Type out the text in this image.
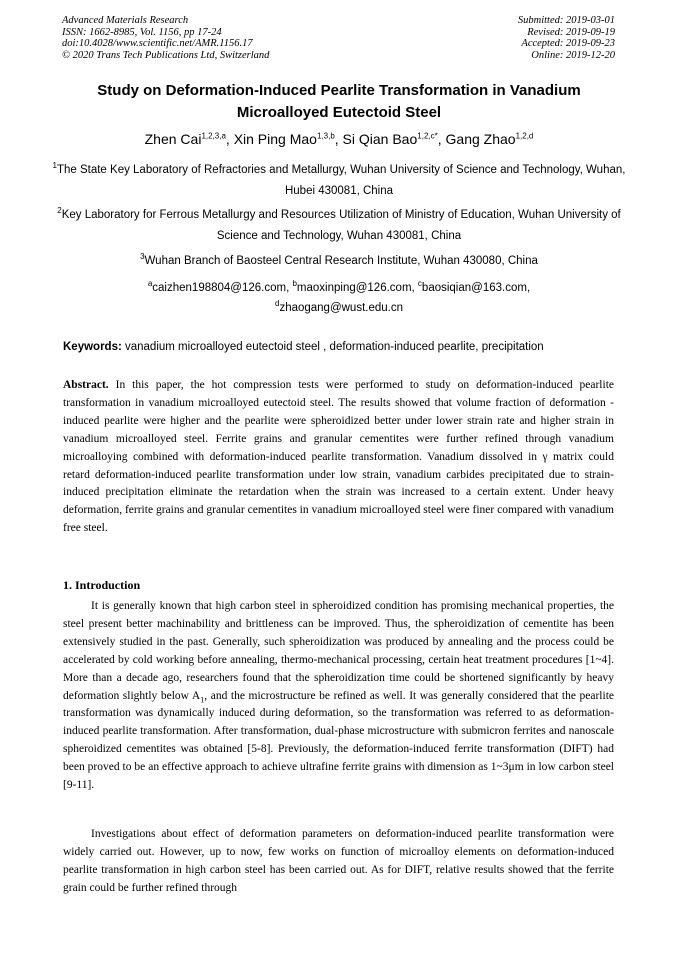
Advanced Materials Research
ISSN: 1662-8985, Vol. 1156, pp 17-24
doi:10.4028/www.scientific.net/AMR.1156.17
© 2020 Trans Tech Publications Ltd, Switzerland
Submitted: 2019-03-01
Revised: 2019-09-19
Accepted: 2019-09-23
Online: 2019-12-20
Study on Deformation-Induced Pearlite Transformation in Vanadium Microalloyed Eutectoid Steel
Zhen Cai$^{1,2,3,a}$, Xin Ping Mao$^{1,3,b}$, Si Qian Bao$^{1,2,c*}$, Gang Zhao$^{1,2,d}$
$^1$The State Key Laboratory of Refractories and Metallurgy, Wuhan University of Science and Technology, Wuhan, Hubei 430081, China
$^2$Key Laboratory for Ferrous Metallurgy and Resources Utilization of Ministry of Education, Wuhan University of Science and Technology, Wuhan 430081, China
$^3$Wuhan Branch of Baosteel Central Research Institute, Wuhan 430080, China
$^a$caizhen198804@126.com, $^b$maoxinping@126.com, $^c$baosiqian@163.com,
$^d$zhaogang@wust.edu.cn
Keywords: vanadium microalloyed eutectoid steel , deformation-induced pearlite, precipitation
Abstract. In this paper, the hot compression tests were performed to study on deformation-induced pearlite transformation in vanadium microalloyed eutectoid steel. The results showed that volume fraction of deformation -induced pearlite were higher and the pearlite were spheroidized better under lower strain rate and higher strain in vanadium microalloyed steel. Ferrite grains and granular cementites were further refined through vanadium microalloying combined with deformation-induced pearlite transformation. Vanadium dissolved in γ matrix could retard deformation-induced pearlite transformation under low strain, vanadium carbides precipitated due to strain-induced precipitation eliminate the retardation when the strain was increased to a certain extent. Under heavy deformation, ferrite grains and granular cementites in vanadium microalloyed steel were finer compared with vanadium free steel.
1. Introduction
It is generally known that high carbon steel in spheroidized condition has promising mechanical properties, the steel present better machinability and brittleness can be improved. Thus, the spheroidization of cementite has been extensively studied in the past. Generally, such spheroidization was produced by annealing and the process could be accelerated by cold working before annealing, thermo-mechanical processing, certain heat treatment procedures [1~4]. More than a decade ago, researchers found that the spheroidization time could be shortened significantly by heavy deformation slightly below $A_1$, and the microstructure be refined as well. It was generally considered that the pearlite transformation was dynamically induced during deformation, so the transformation was referred to as deformation-induced pearlite transformation. After transformation, dual-phase microstructure with submicron ferrites and nanoscale spheroidized cementites was obtained [5-8]. Previously, the deformation-induced ferrite transformation (DIFT) had been proved to be an effective approach to achieve ultrafine ferrite grains with dimension as 1~3μm in low carbon steel [9-11].
Investigations about effect of deformation parameters on deformation-induced pearlite transformation were widely carried out. However, up to now, few works on function of microalloy elements on deformation-induced pearlite transformation in high carbon steel has been carried out. As for DIFT, relative results showed that the ferrite grain could be further refined through
